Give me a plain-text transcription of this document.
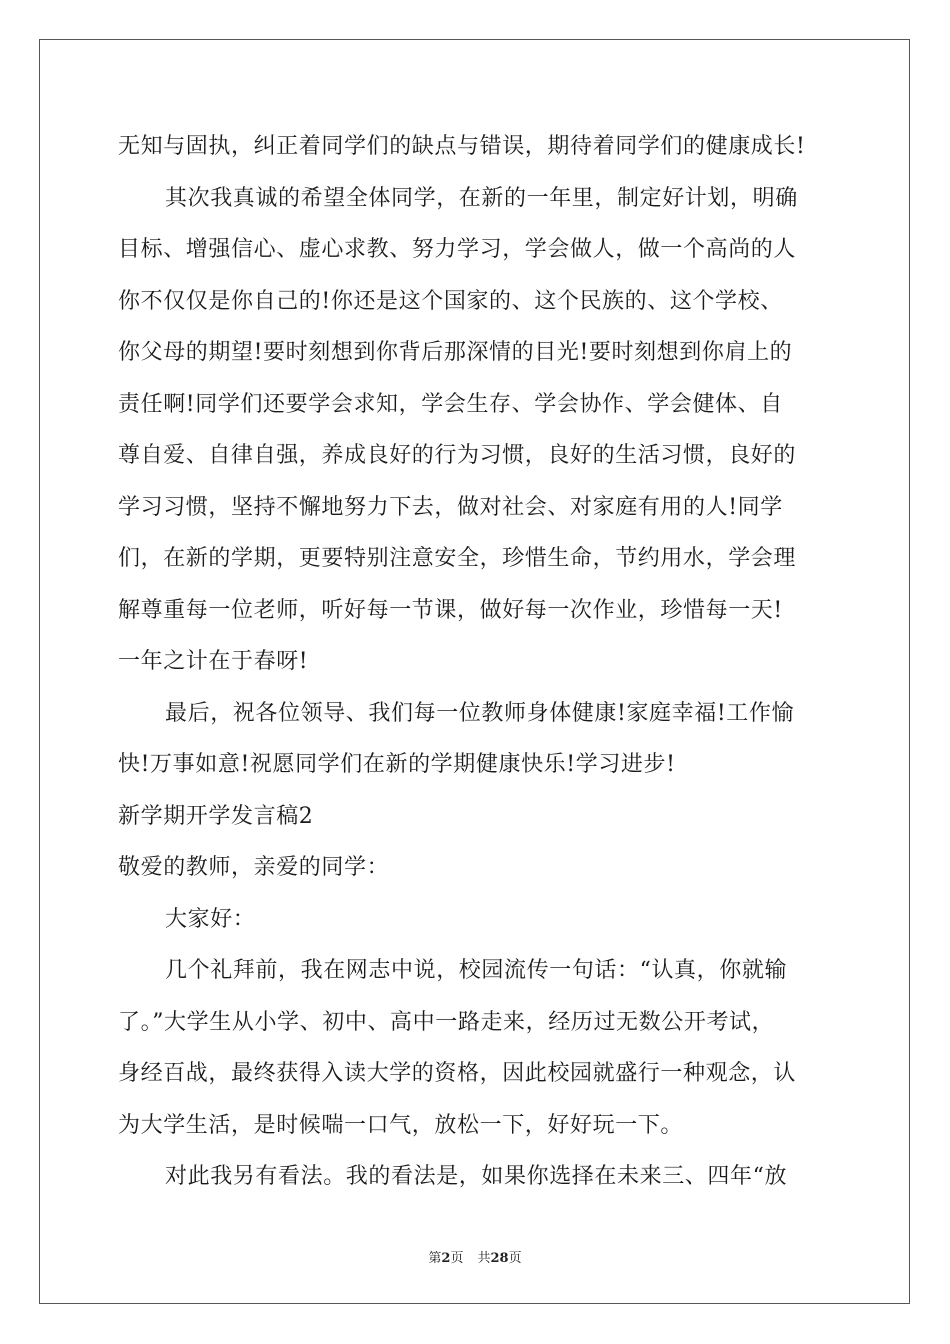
无知与固执，纠正着同学们的缺点与错误，期待着同学们的健康成长!
其次我真诚的希望全体同学，在新的一年里，制定好计划，明确
目标、增强信心、虚心求教、努力学习，学会做人，做一个高尚的人
你不仅仅是你自己的!你还是这个国家的、这个民族的、这个学校、
你父母的期望!要时刻想到你背后那深情的目光!要时刻想到你肩上的
责任啊!同学们还要学会求知，学会生存、学会协作、学会健体、自
尊自爱、自律自强，养成良好的行为习惯，良好的生活习惯，良好的
学习习惯，坚持不懈地努力下去，做对社会、对家庭有用的人!同学
们，在新的学期，更要特别注意安全，珍惜生命，节约用水，学会理
解尊重每一位老师，听好每一节课，做好每一次作业，珍惜每一天!
一年之计在于春呀!
最后，祝各位领导、我们每一位教师身体健康!家庭幸福!工作愉
快!万事如意!祝愿同学们在新的学期健康快乐!学习进步!
新学期开学发言稿2
敬爱的教师，亲爱的同学：
大家好：
几个礼拜前，我在网志中说，校园流传一句话：“认真，你就输
了。”大学生从小学、初中、高中一路走来，经历过无数公开考试，
身经百战，最终获得入读大学的资格，因此校园就盛行一种观念，认
为大学生活，是时候喘一口气，放松一下，好好玩一下。
对此我另有看法。我的看法是，如果你选择在未来三、四年“放
第2页 共28页
